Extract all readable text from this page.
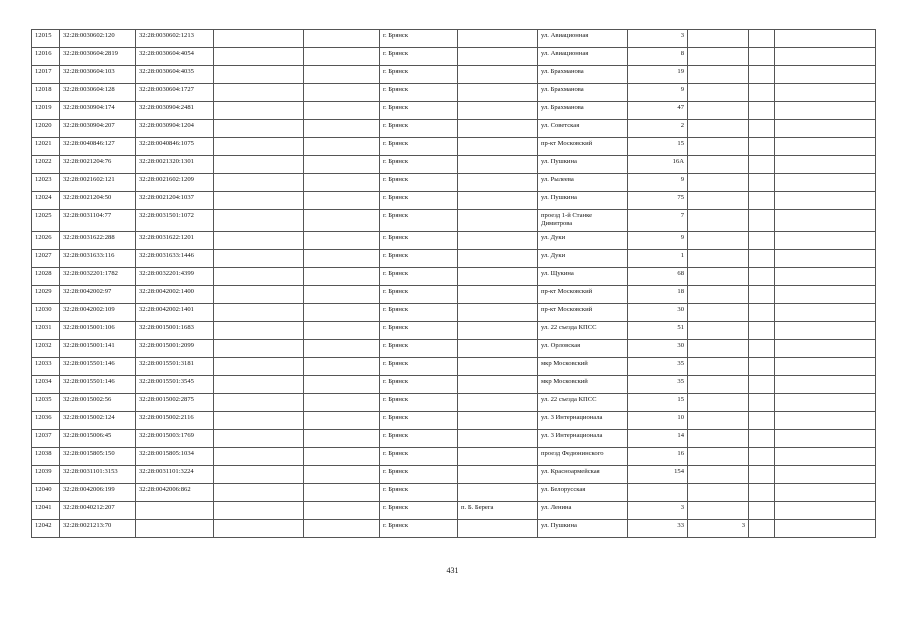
12015	32:28:0030602:120	32:28:0030602:1213			г. Брянск		ул. Авиационная	3			
12016	32:28:0030604:2819	32:28:0030604:4054			г. Брянск		ул. Авиационная	8			
12017	32:28:0030604:103	32:28:0030604:4035			г. Брянск		ул. Брахманова	19			
12018	32:28:0030604:128	32:28:0030604:1727			г. Брянск		ул. Брахманова	9			
12019	32:28:0030904:174	32:28:0030904:2481			г. Брянск		ул. Брахманова	47			
12020	32:28:0030904:207	32:28:0030904:1204			г. Брянск		ул. Советская	2			
12021	32:28:0040846:127	32:28:0040846:1075			г. Брянск		пр-кт Московский	15			
12022	32:28:0021204:76	32:28:0021320:1301			г. Брянск		ул. Пушкина	16А			
12023	32:28:0021602:121	32:28:0021602:1209			г. Брянск		ул. Рылеева	9			
12024	32:28:0021204:50	32:28:0021204:1037			г. Брянск		ул. Пушкина	75			
12025	32:28:0031104:77	32:28:0031501:1072			г. Брянск		проезд 1-й Станке Димитрова	7			
12026	32:28:0031622:288	32:28:0031622:1201			г. Брянск		ул. Дуки	9			
12027	32:28:0031633:116	32:28:0031633:1446			г. Брянск		ул. Дуки	1			
12028	32:28:0032201:1782	32:28:0032201:4399			г. Брянск		ул. Щукина	68			
12029	32:28:0042002:97	32:28:0042002:1400			г. Брянск		пр-кт Московский	18			
12030	32:28:0042002:109	32:28:0042002:1401			г. Брянск		пр-кт Московский	30			
12031	32:28:0015001:106	32:28:0015001:1683			г. Брянск		ул. 22 съезда КПСС	51			
12032	32:28:0015001:141	32:28:0015001:2099			г. Брянск		ул. Орловская	30			
12033	32:28:0015501:146	32:28:0015501:3181			г. Брянск		мкр Московский	35			
12034	32:28:0015501:146	32:28:0015501:3545			г. Брянск		мкр Московский	35			
12035	32:28:0015002:56	32:28:0015002:2875			г. Брянск		ул. 22 съезда КПСС	15			
12036	32:28:0015002:124	32:28:0015002:2116			г. Брянск		ул. 3 Интернационала	10			
12037	32:28:0015006:45	32:28:0015003:1769			г. Брянск		ул. 3 Интернационала	14			
12038	32:28:0015805:150	32:28:0015805:1034			г. Брянск		проезд Федюнинского	16			
12039	32:28:0031101:3153	32:28:0031101:3224			г. Брянск		ул. Красноармейская	154			
12040	32:28:0042006:199	32:28:0042006:862			г. Брянск		ул. Белорусская				
12041	32:28:0040212:207				г. Брянск	п. Б. Берега	ул. Ленина	3			
12042	32:28:0021213:70				г. Брянск		ул. Пушкина	33	3		
431
